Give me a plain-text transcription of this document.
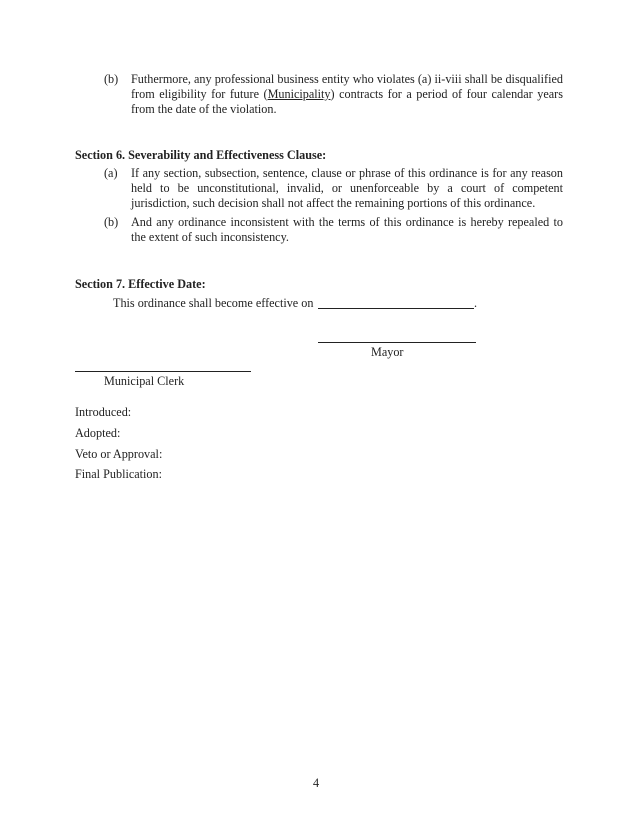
(b) Futhermore, any professional business entity who violates (a) ii-viii shall be disqualified from eligibility for future (Municipality) contracts for a period of four calendar years from the date of the violation.
Section 6. Severability and Effectiveness Clause:
(a) If any section, subsection, sentence, clause or phrase of this ordinance is for any reason held to be unconstitutional, invalid, or unenforceable by a court of competent jurisdiction, such decision shall not affect the remaining portions of this ordinance.
(b) And any ordinance inconsistent with the terms of this ordinance is hereby repealed to the extent of such inconsistency.
Section 7. Effective Date:
This ordinance shall become effective on	.
Mayor
Municipal Clerk
Introduced:
Adopted:
Veto or Approval:
Final Publication:
4
